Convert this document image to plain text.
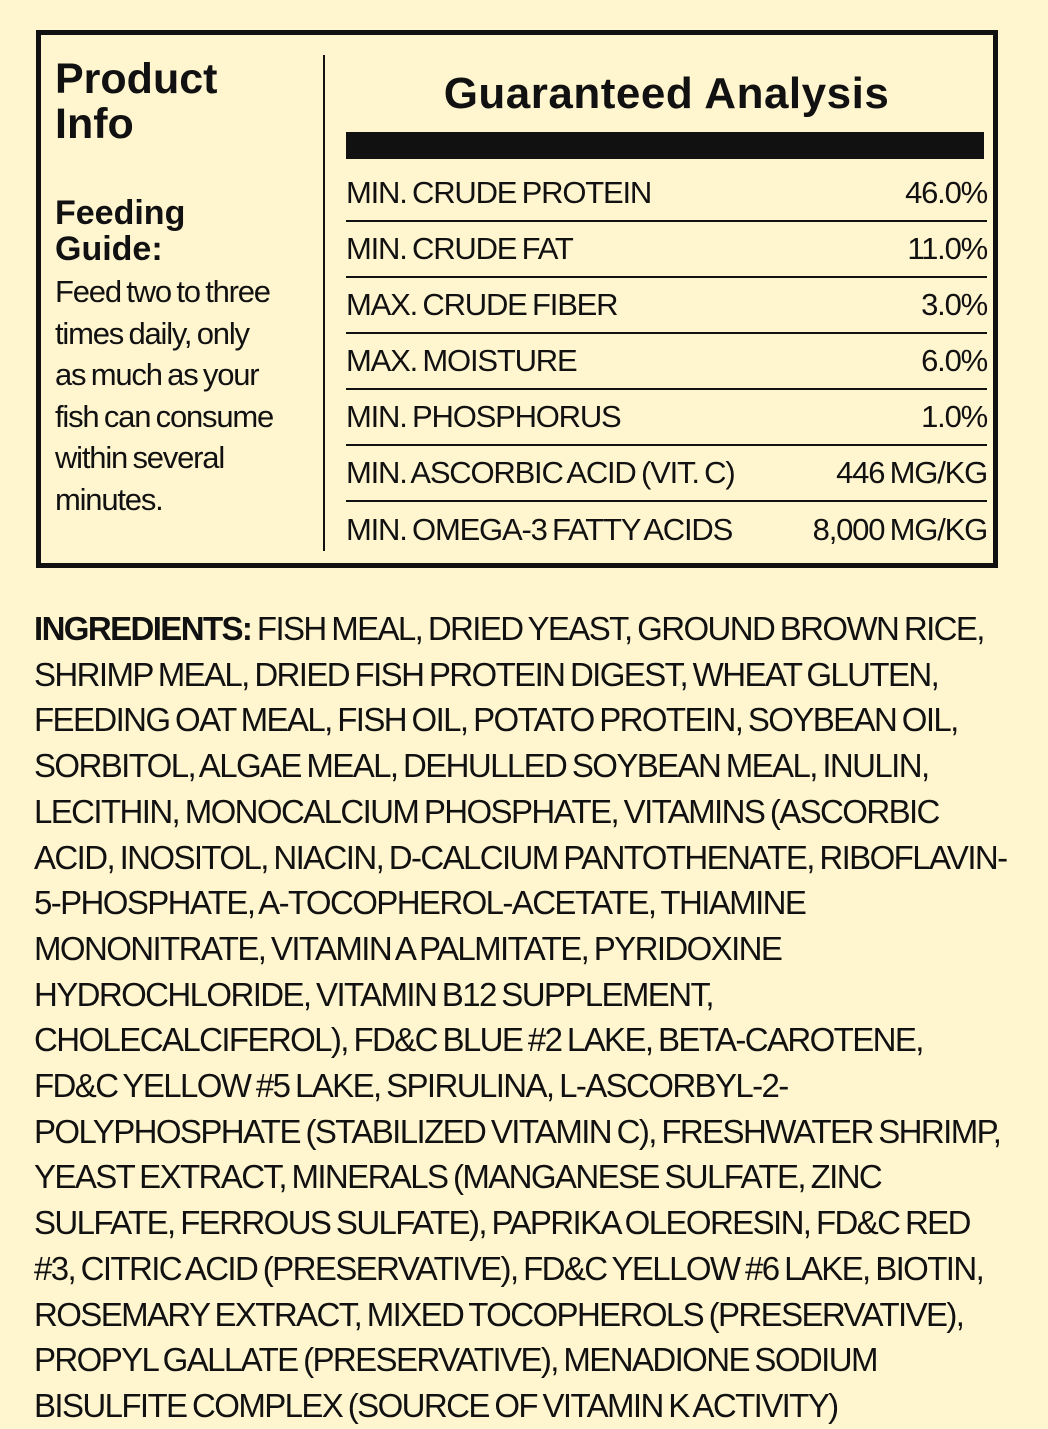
Product
Info
Feeding
Guide:
Feed two to three
times daily, only
as much as your
fish can consume
within several
minutes.
Guaranteed Analysis
MIN. CRUDE PROTEIN	46.0%
MIN. CRUDE FAT	11.0%
MAX. CRUDE FIBER	3.0%
MAX. MOISTURE	6.0%
MIN. PHOSPHORUS	1.0%
MIN. ASCORBIC ACID (VIT. C)	446 MG/KG
MIN. OMEGA-3 FATTY ACIDS	8,000 MG/KG

INGREDIENTS: FISH MEAL, DRIED YEAST, GROUND BROWN RICE, SHRIMP MEAL, DRIED FISH PROTEIN DIGEST, WHEAT GLUTEN, FEEDING OAT MEAL, FISH OIL, POTATO PROTEIN, SOYBEAN OIL, SORBITOL, ALGAE MEAL, DEHULLED SOYBEAN MEAL, INULIN, LECITHIN, MONOCALCIUM PHOSPHATE, VITAMINS (ASCORBIC ACID, INOSITOL, NIACIN, D-CALCIUM PANTOTHENATE, RIBOFLAVIN-5-PHOSPHATE, A-TOCOPHEROL-ACETATE, THIAMINE MONONITRATE, VITAMIN A PALMITATE, PYRIDOXINE HYDROCHLORIDE, VITAMIN B12 SUPPLEMENT, CHOLECALCIFEROL), FD&C BLUE #2 LAKE, BETA-CAROTENE, FD&C YELLOW #5 LAKE, SPIRULINA, L-ASCORBYL-2-POLYPHOSPHATE (STABILIZED VITAMIN C), FRESHWATER SHRIMP, YEAST EXTRACT, MINERALS (MANGANESE SULFATE, ZINC SULFATE, FERROUS SULFATE), PAPRIKA OLEORESIN, FD&C RED #3, CITRIC ACID (PRESERVATIVE), FD&C YELLOW #6 LAKE, BIOTIN, ROSEMARY EXTRACT, MIXED TOCOPHEROLS (PRESERVATIVE), PROPYL GALLATE (PRESERVATIVE), MENADIONE SODIUM BISULFITE COMPLEX (SOURCE OF VITAMIN K ACTIVITY)
